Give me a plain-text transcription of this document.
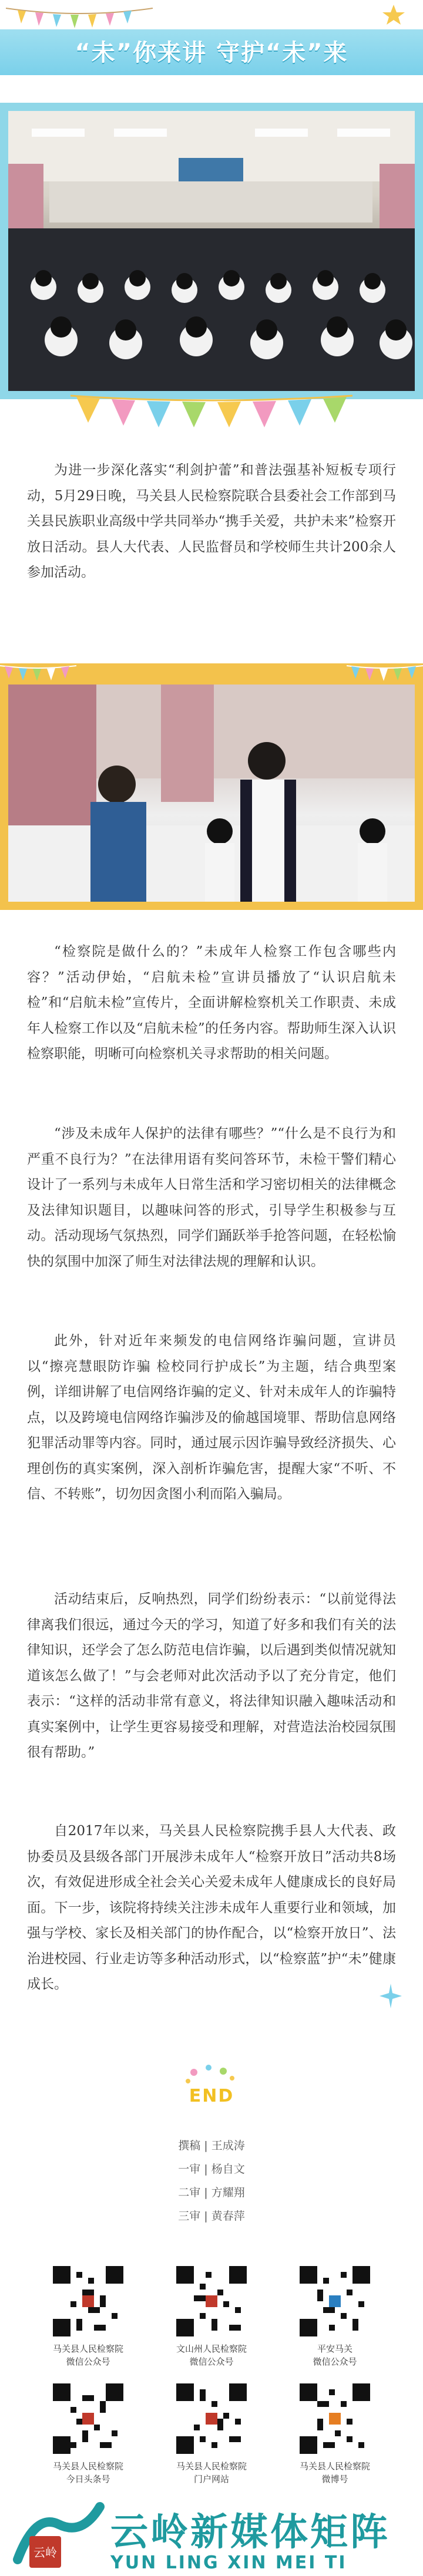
“未”你来讲 守护“未”来
为进一步深化落实“利剑护蕾”和普法强基补短板专项行动，5月29日晚，马关县人民检察院联合县委社会工作部到马关县民族职业高级中学共同举办“携手关爱，共护未来”检察开放日活动。县人大代表、人民监督员和学校师生共计200余人参加活动。
“检察院是做什么的？”未成年人检察工作包含哪些内容？”活动伊始，“启航未检”宣讲员播放了“认识启航未检”和“启航未检”宣传片，全面讲解检察机关工作职责、未成年人检察工作以及“启航未检”的任务内容。帮助师生深入认识检察职能，明晰可向检察机关寻求帮助的相关问题。
“涉及未成年人保护的法律有哪些？”“什么是不良行为和严重不良行为？”在法律用语有奖问答环节，未检干警们精心设计了一系列与未成年人日常生活和学习密切相关的法律概念及法律知识题目，以趣味问答的形式，引导学生积极参与互动。活动现场气氛热烈，同学们踊跃举手抢答问题，在轻松愉快的氛围中加深了师生对法律法规的理解和认识。
此外，针对近年来频发的电信网络诈骗问题，宣讲员以“擦亮慧眼防诈骗 检校同行护成长”为主题，结合典型案例，详细讲解了电信网络诈骗的定义、针对未成年人的诈骗特点，以及跨境电信网络诈骗涉及的偷越国境罪、帮助信息网络犯罪活动罪等内容。同时，通过展示因诈骗导致经济损失、心理创伤的真实案例，深入剖析诈骗危害，提醒大家“不听、不信、不转账”，切勿因贪图小利而陷入骗局。
活动结束后，反响热烈，同学们纷纷表示：“以前觉得法律离我们很远，通过今天的学习，知道了好多和我们有关的法律知识，还学会了怎么防范电信诈骗，以后遇到类似情况就知道该怎么做了！”与会老师对此次活动予以了充分肯定，他们表示：“这样的活动非常有意义，将法律知识融入趣味活动和真实案例中，让学生更容易接受和理解，对营造法治校园氛围很有帮助。”
自2017年以来，马关县人民检察院携手县人大代表、政协委员及县级各部门开展涉未成年人“检察开放日”活动共8场次，有效促进形成全社会关心关爱未成年人健康成长的良好局面。下一步，该院将持续关注涉未成年人重要行业和领域，加强与学校、家长及相关部门的协作配合，以“检察开放日”、法治进校园、行业走访等多种活动形式，以“检察蓝”护“未”健康成长。
END
撰稿 | 王成涛
一审 | 杨自文
二审 | 方耀翔
三审 | 黄春萍
马关县人民检察院
微信公众号
文山州人民检察院
微信公众号
平安马关
微信公众号
马关县人民检察院
今日头条号
马关县人民检察院
门户网站
马关县人民检察院
微博号
云岭 云岭新媒体矩阵
YUN LING XIN MEI TI
